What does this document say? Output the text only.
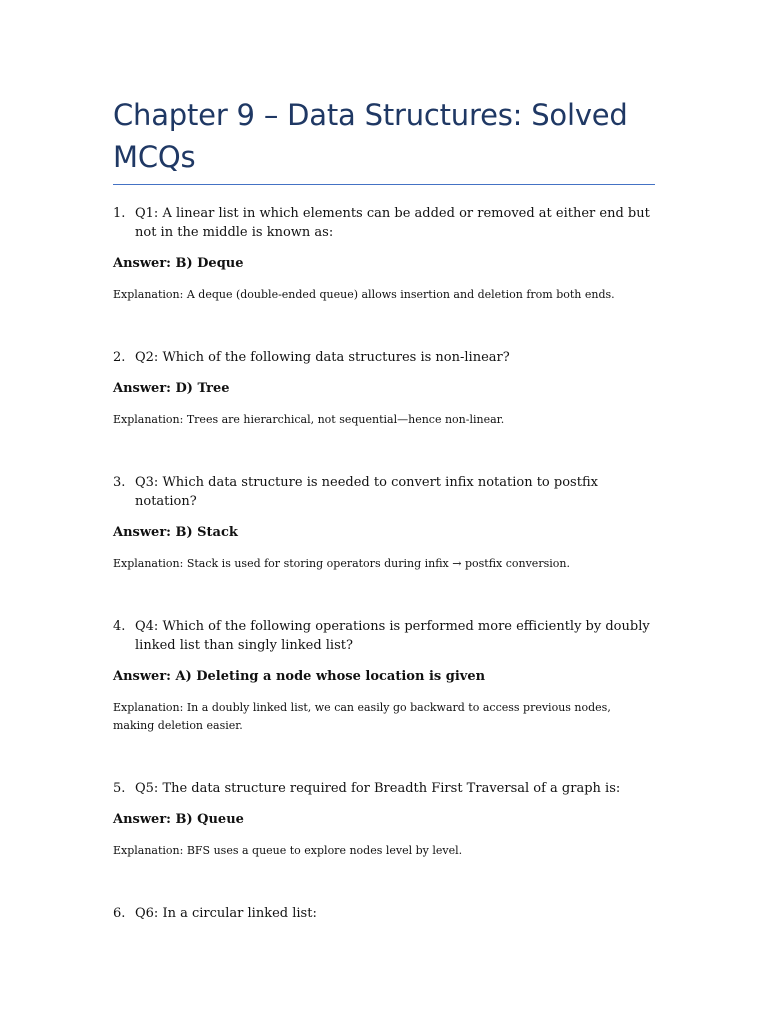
Chapter 9 – Data Structures: Solved MCQs
1. Q1: A linear list in which elements can be added or removed at either end but not in the middle is known as:
Answer: B) Deque
Explanation: A deque (double-ended queue) allows insertion and deletion from both ends.
2. Q2: Which of the following data structures is non-linear?
Answer: D) Tree
Explanation: Trees are hierarchical, not sequential—hence non-linear.
3. Q3: Which data structure is needed to convert infix notation to postfix notation?
Answer: B) Stack
Explanation: Stack is used for storing operators during infix → postfix conversion.
4. Q4: Which of the following operations is performed more efficiently by doubly linked list than singly linked list?
Answer: A) Deleting a node whose location is given
Explanation: In a doubly linked list, we can easily go backward to access previous nodes, making deletion easier.
5. Q5: The data structure required for Breadth First Traversal of a graph is:
Answer: B) Queue
Explanation: BFS uses a queue to explore nodes level by level.
6. Q6: In a circular linked list:
